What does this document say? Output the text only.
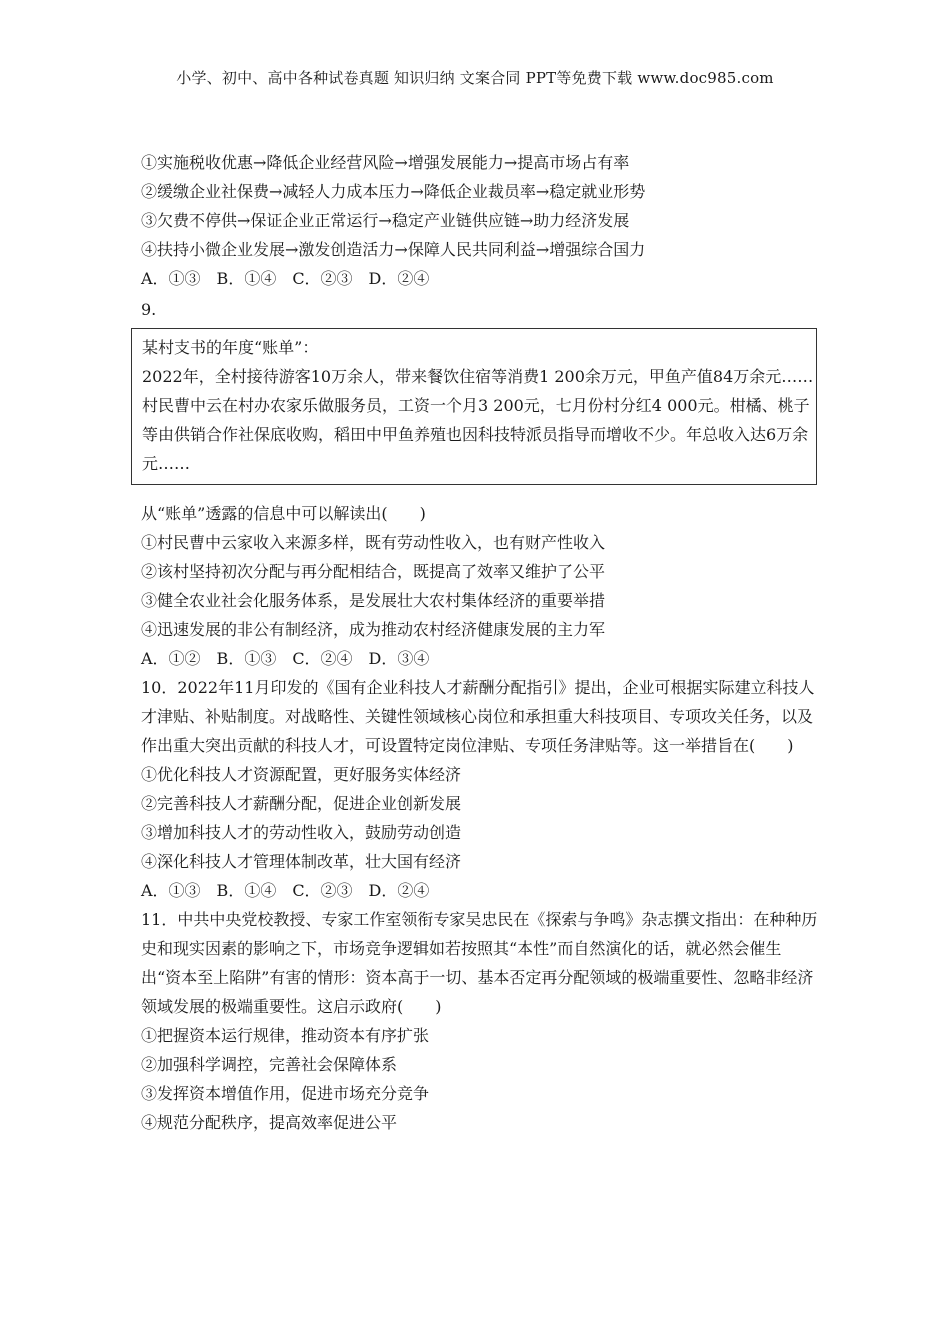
小学、初中、高中各种试卷真题 知识归纳 文案合同 PPT等免费下载 www.doc985.com
①实施税收优惠→降低企业经营风险→增强发展能力→提高市场占有率
②缓缴企业社保费→减轻人力成本压力→降低企业裁员率→稳定就业形势
③欠费不停供→保证企业正常运行→稳定产业链供应链→助力经济发展
④扶持小微企业发展→激发创造活力→保障人民共同利益→增强综合国力
A．①③　B．①④　C．②③　D．②④
9.
某村支书的年度“账单”：
2022年，全村接待游客10万余人，带来餐饮住宿等消费1 200余万元，甲鱼产值84万余元……
村民曹中云在村办农家乐做服务员，工资一个月3 200元，七月份村分红4 000元。柑橘、桃子等由供销合作社保底收购，稻田中甲鱼养殖也因科技特派员指导而增收不少。年总收入达6万余元……
从“账单”透露的信息中可以解读出(　　)
①村民曹中云家收入来源多样，既有劳动性收入，也有财产性收入
②该村坚持初次分配与再分配相结合，既提高了效率又维护了公平
③健全农业社会化服务体系，是发展壮大农村集体经济的重要举措
④迅速发展的非公有制经济，成为推动农村经济健康发展的主力军
A．①②　B．①③　C．②④　D．③④
10．2022年11月印发的《国有企业科技人才薪酬分配指引》提出，企业可根据实际建立科技人才津贴、补贴制度。对战略性、关键性领域核心岗位和承担重大科技项目、专项攻关任务，以及作出重大突出贡献的科技人才，可设置特定岗位津贴、专项任务津贴等。这一举措旨在(　　)
①优化科技人才资源配置，更好服务实体经济
②完善科技人才薪酬分配，促进企业创新发展
③增加科技人才的劳动性收入，鼓励劳动创造
④深化科技人才管理体制改革，壮大国有经济
A．①③　B．①④　C．②③　D．②④
11．中共中央党校教授、专家工作室领衔专家吴忠民在《探索与争鸣》杂志撰文指出：在种种历史和现实因素的影响之下，市场竞争逻辑如若按照其“本性”而自然演化的话，就必然会催生出“资本至上陷阱”有害的情形：资本高于一切、基本否定再分配领域的极端重要性、忽略非经济领域发展的极端重要性。这启示政府(　　)
①把握资本运行规律，推动资本有序扩张
②加强科学调控，完善社会保障体系
③发挥资本增值作用，促进市场充分竞争
④规范分配秩序，提高效率促进公平
